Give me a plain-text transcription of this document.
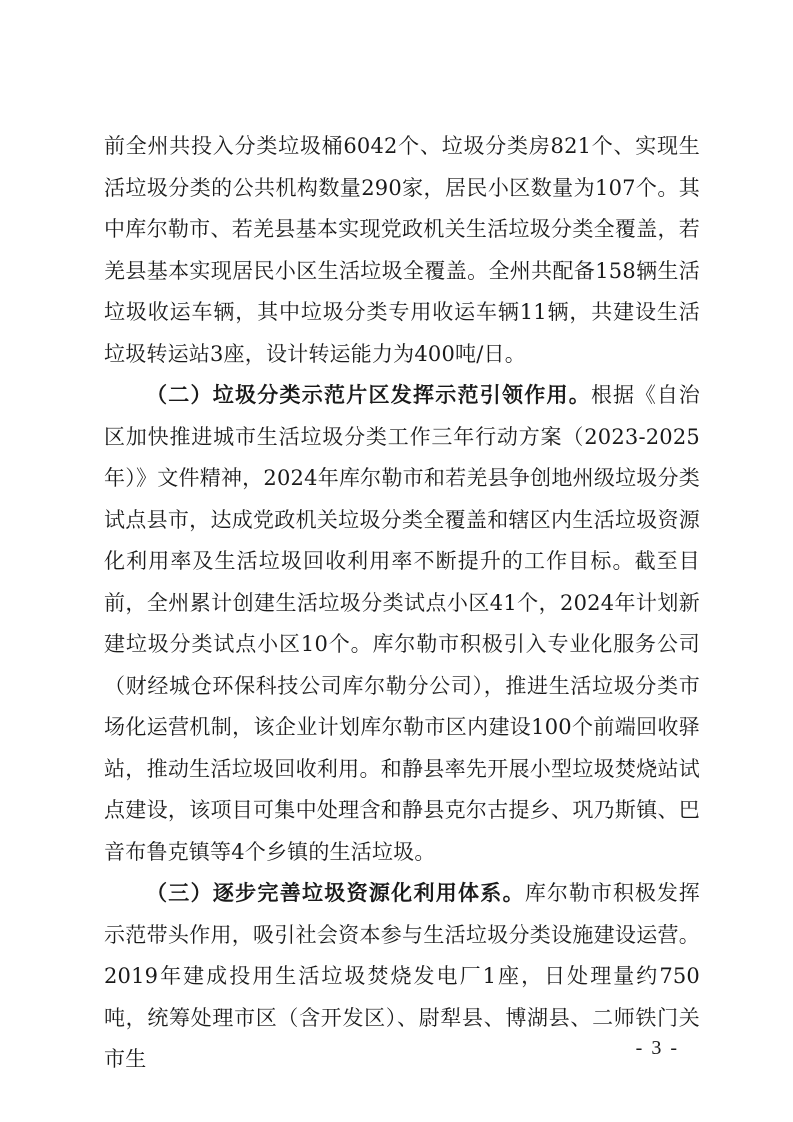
前全州共投入分类垃圾桶6042个、垃圾分类房821个、实现生活垃圾分类的公共机构数量290家，居民小区数量为107个。其中库尔勒市、若羌县基本实现党政机关生活垃圾分类全覆盖，若羌县基本实现居民小区生活垃圾全覆盖。全州共配备158辆生活垃圾收运车辆，其中垃圾分类专用收运车辆11辆，共建设生活垃圾转运站3座，设计转运能力为400吨/日。

（二）垃圾分类示范片区发挥示范引领作用。根据《自治区加快推进城市生活垃圾分类工作三年行动方案（2023-2025年）》文件精神，2024年库尔勒市和若羌县争创地州级垃圾分类试点县市，达成党政机关垃圾分类全覆盖和辖区内生活垃圾资源化利用率及生活垃圾回收利用率不断提升的工作目标。截至目前，全州累计创建生活垃圾分类试点小区41个，2024年计划新建垃圾分类试点小区10个。库尔勒市积极引入专业化服务公司（财经城仓环保科技公司库尔勒分公司），推进生活垃圾分类市场化运营机制，该企业计划库尔勒市区内建设100个前端回收驿站，推动生活垃圾回收利用。和静县率先开展小型垃圾焚烧站试点建设，该项目可集中处理含和静县克尔古提乡、巩乃斯镇、巴音布鲁克镇等4个乡镇的生活垃圾。

（三）逐步完善垃圾资源化利用体系。库尔勒市积极发挥示范带头作用，吸引社会资本参与生活垃圾分类设施建设运营。2019年建成投用生活垃圾焚烧发电厂1座，日处理量约750吨，统筹处理市区（含开发区）、尉犁县、博湖县、二师铁门关市生	- 3 -
